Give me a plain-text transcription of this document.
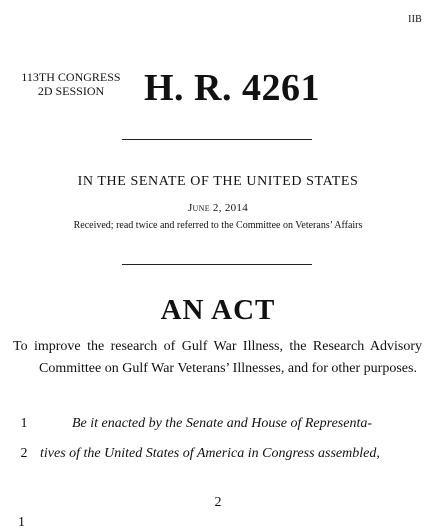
IIB
113TH CONGRESS
2D SESSION	H. R. 4261
IN THE SENATE OF THE UNITED STATES
June 2, 2014
Received; read twice and referred to the Committee on Veterans’ Affairs
AN ACT
To improve the research of Gulf War Illness, the Research Advisory Committee on Gulf War Veterans’ Illnesses, and for other purposes.
1	Be it enacted by the Senate and House of Representa-
2 tives of the United States of America in Congress assembled,
2
1
